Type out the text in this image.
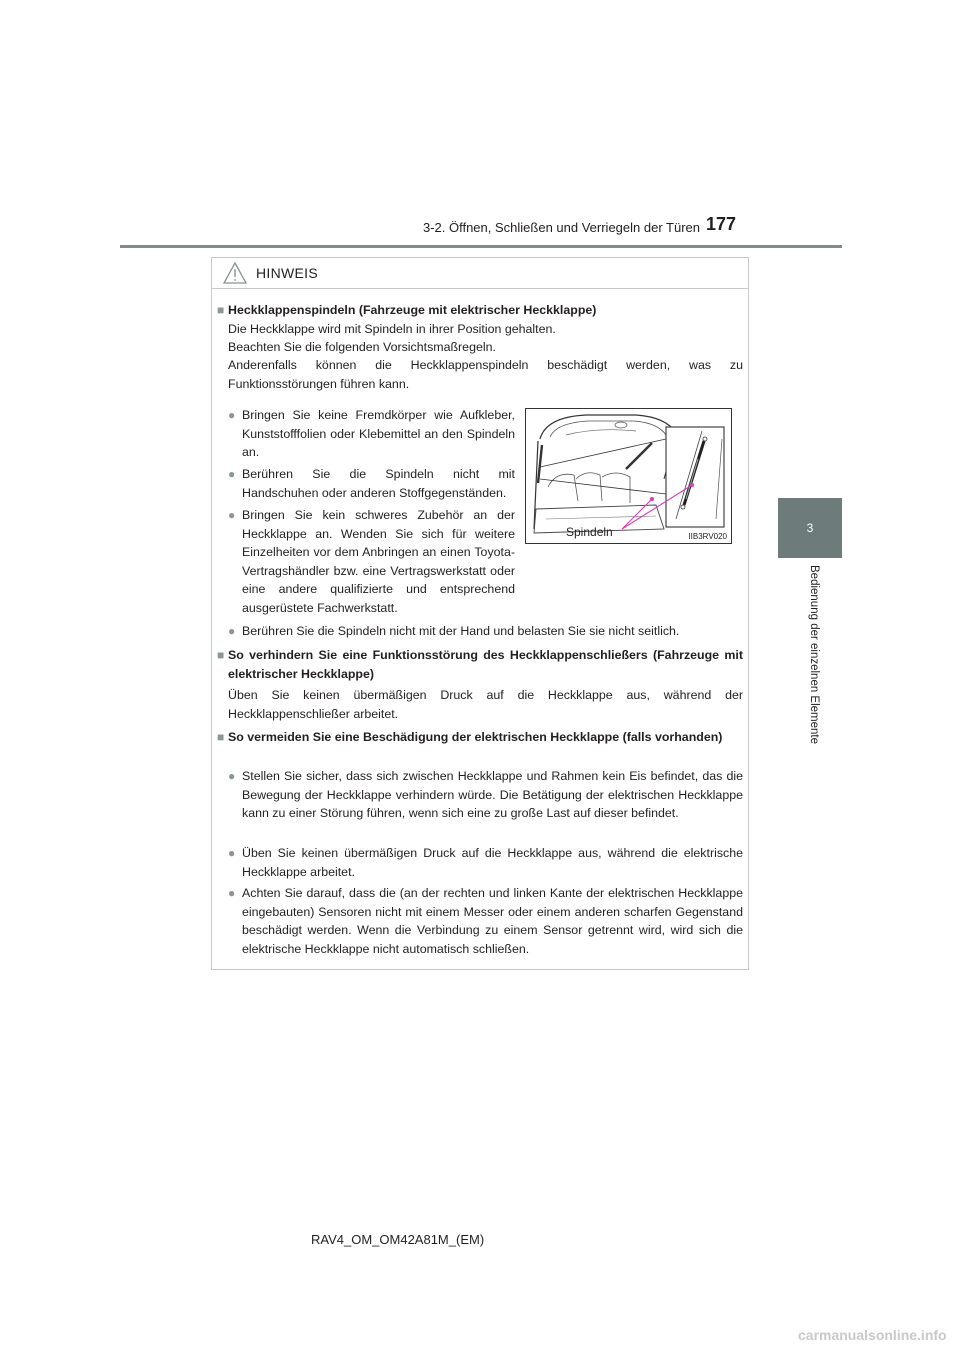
3-2. Öffnen, Schließen und Verriegeln der Türen 177
3
Bedienung der einzelnen Elemente
HINWEIS
■ Heckklappenspindeln (Fahrzeuge mit elektrischer Heckklappe)
Die Heckklappe wird mit Spindeln in ihrer Position gehalten.
Beachten Sie die folgenden Vorsichtsmaßregeln.
Anderenfalls können die Heckklappenspindeln beschädigt werden, was zu Funktionsstörungen führen kann.
● Bringen Sie keine Fremdkörper wie Aufkleber, Kunststofffolien oder Klebemittel an den Spindeln an.
● Berühren Sie die Spindeln nicht mit Handschuhen oder anderen Stoffgegenständen.
● Bringen Sie kein schweres Zubehör an der Heckklappe an. Wenden Sie sich für weitere Einzelheiten vor dem Anbringen an einen Toyota-Vertragshändler bzw. eine Vertragswerkstatt oder eine andere qualifizierte und entsprechend ausgerüstete Fachwerkstatt.
Spindeln	IIB3RV020
● Berühren Sie die Spindeln nicht mit der Hand und belasten Sie sie nicht seitlich.
■ So verhindern Sie eine Funktionsstörung des Heckklappenschließers (Fahrzeuge mit elektrischer Heckklappe)
Üben Sie keinen übermäßigen Druck auf die Heckklappe aus, während der Heckklappenschließer arbeitet.
■ So vermeiden Sie eine Beschädigung der elektrischen Heckklappe (falls vorhanden)
● Stellen Sie sicher, dass sich zwischen Heckklappe und Rahmen kein Eis befindet, das die Bewegung der Heckklappe verhindern würde. Die Betätigung der elektrischen Heckklappe kann zu einer Störung führen, wenn sich eine zu große Last auf dieser befindet.
● Üben Sie keinen übermäßigen Druck auf die Heckklappe aus, während die elektrische Heckklappe arbeitet.
● Achten Sie darauf, dass die (an der rechten und linken Kante der elektrischen Heckklappe eingebauten) Sensoren nicht mit einem Messer oder einem anderen scharfen Gegenstand beschädigt werden. Wenn die Verbindung zu einem Sensor getrennt wird, wird sich die elektrische Heckklappe nicht automatisch schließen.
RAV4_OM_OM42A81M_(EM)
carmanualsonline.info
